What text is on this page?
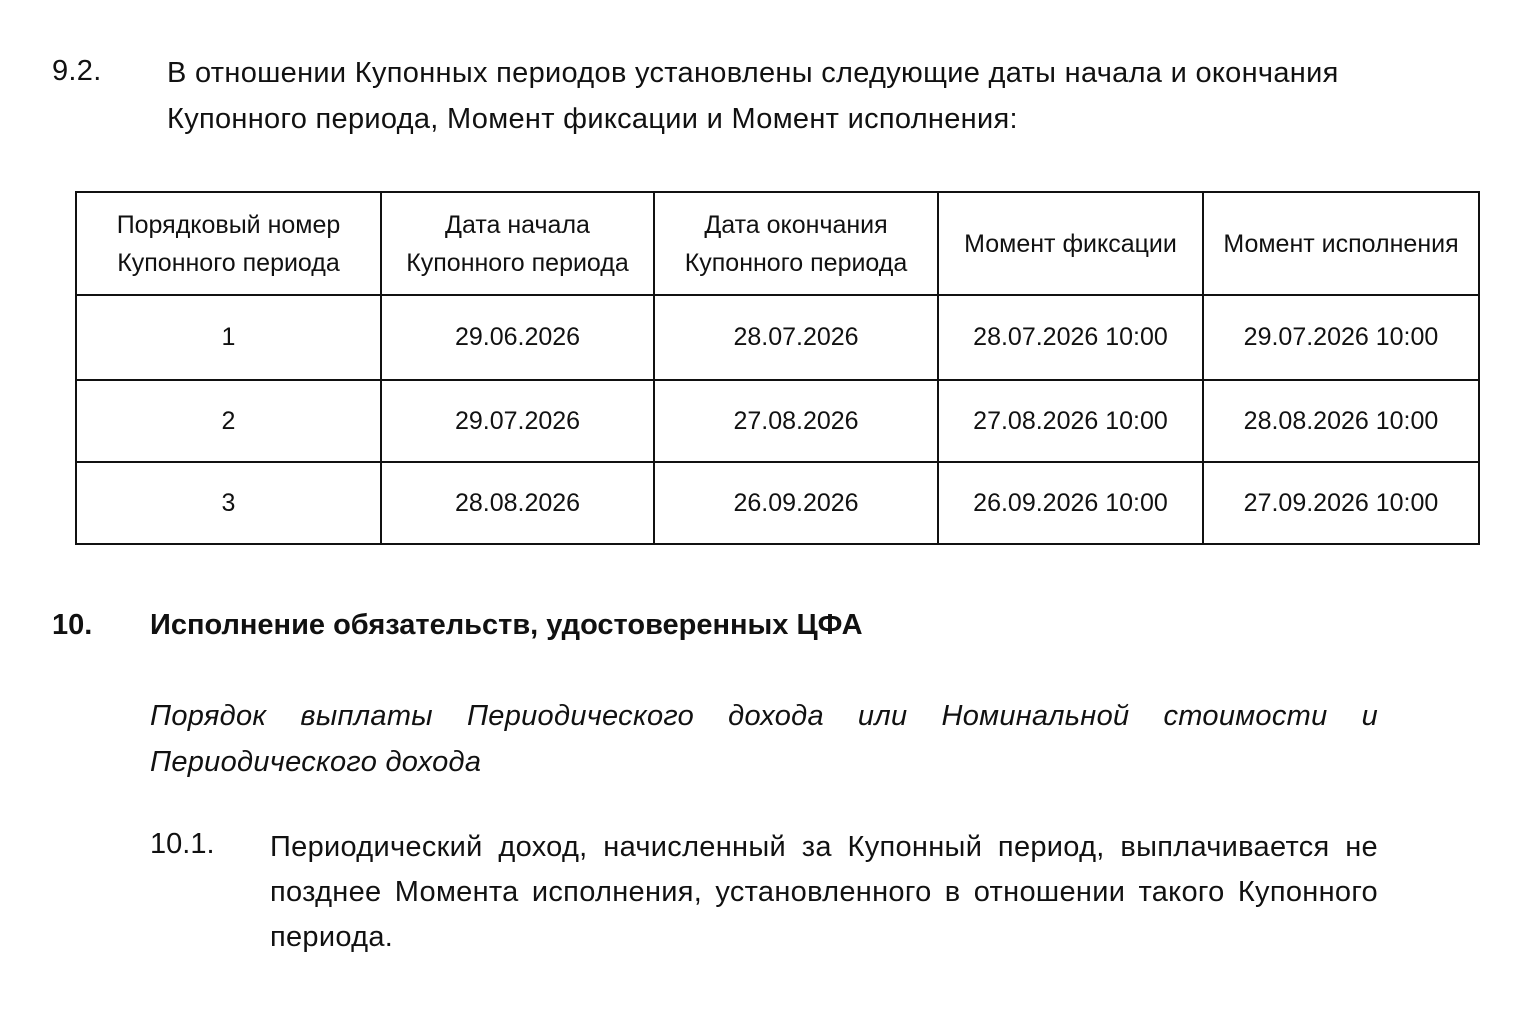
9.2. В отношении Купонных периодов установлены следующие даты начала и окончания Купонного периода, Момент фиксации и Момент исполнения:
Порядковый номер Купонного периода	Дата начала Купонного периода	Дата окончания Купонного периода	Момент фиксации	Момент исполнения
1	29.06.2026	28.07.2026	28.07.2026 10:00	29.07.2026 10:00
2	29.07.2026	27.08.2026	27.08.2026 10:00	28.08.2026 10:00
3	28.08.2026	26.09.2026	26.09.2026 10:00	27.09.2026 10:00
10. Исполнение обязательств, удостоверенных ЦФА
Порядок выплаты Периодического дохода или Номинальной стоимости и Периодического дохода
10.1. Периодический доход, начисленный за Купонный период, выплачивается не позднее Момента исполнения, установленного в отношении такого Купонного периода.
